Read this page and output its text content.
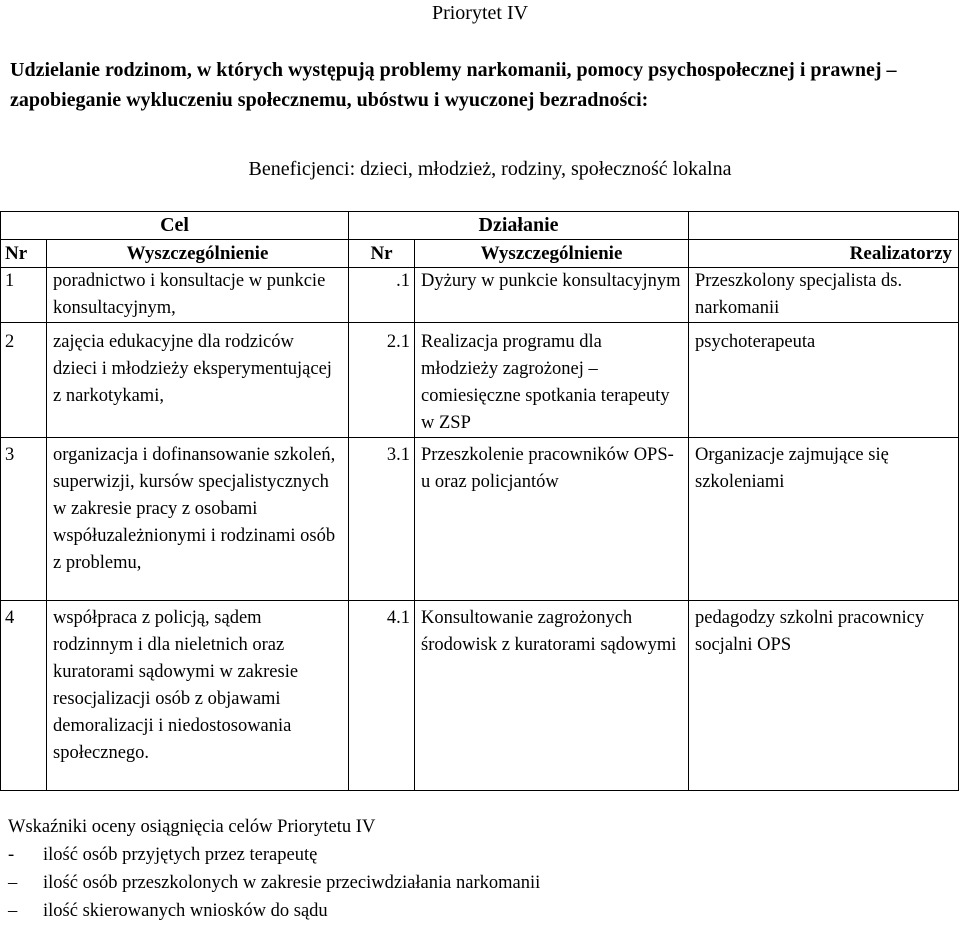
Priorytet IV
Udzielanie rodzinom, w których występują problemy narkomanii, pomocy psychospołecznej i prawnej – zapobieganie wykluczeniu społecznemu, ubóstwu i wyuczonej bezradności:
Beneficjenci: dzieci, młodzież, rodziny, społeczność lokalna
Cel		Działanie		
Nr	Wyszczególnienie	Nr	Wyszczególnienie	Realizatorzy
1	poradnictwo i konsultacje w punkcie konsultacyjnym,	.1	Dyżury w punkcie konsultacyjnym	Przeszkolony specjalista ds. narkomanii
2	zajęcia edukacyjne dla rodziców dzieci i młodzieży eksperymentującej z narkotykami,	2.1	Realizacja programu dla młodzieży zagrożonej – comiesięczne spotkania terapeuty w ZSP	psychoterapeuta
3	organizacja i dofinansowanie szkoleń, superwizji, kursów specjalistycznych w zakresie pracy z osobami współuzależnionymi i rodzinami osób z problemu,	3.1	Przeszkolenie pracowników OPS-u oraz policjantów	Organizacje zajmujące się szkoleniami
4	współpraca z policją, sądem rodzinnym i dla nieletnich oraz kuratorami sądowymi w zakresie resocjalizacji osób z objawami demoralizacji i niedostosowania społecznego.	4.1	Konsultowanie zagrożonych środowisk z kuratorami sądowymi	pedagodzy szkolni pracownicy socjalni OPS
Wskaźniki oceny osiągnięcia celów Priorytetu IV
-	ilość osób przyjętych przez terapeutę
–	ilość osób przeszkolonych w zakresie przeciwdziałania narkomanii
–	ilość skierowanych wniosków do sądu
